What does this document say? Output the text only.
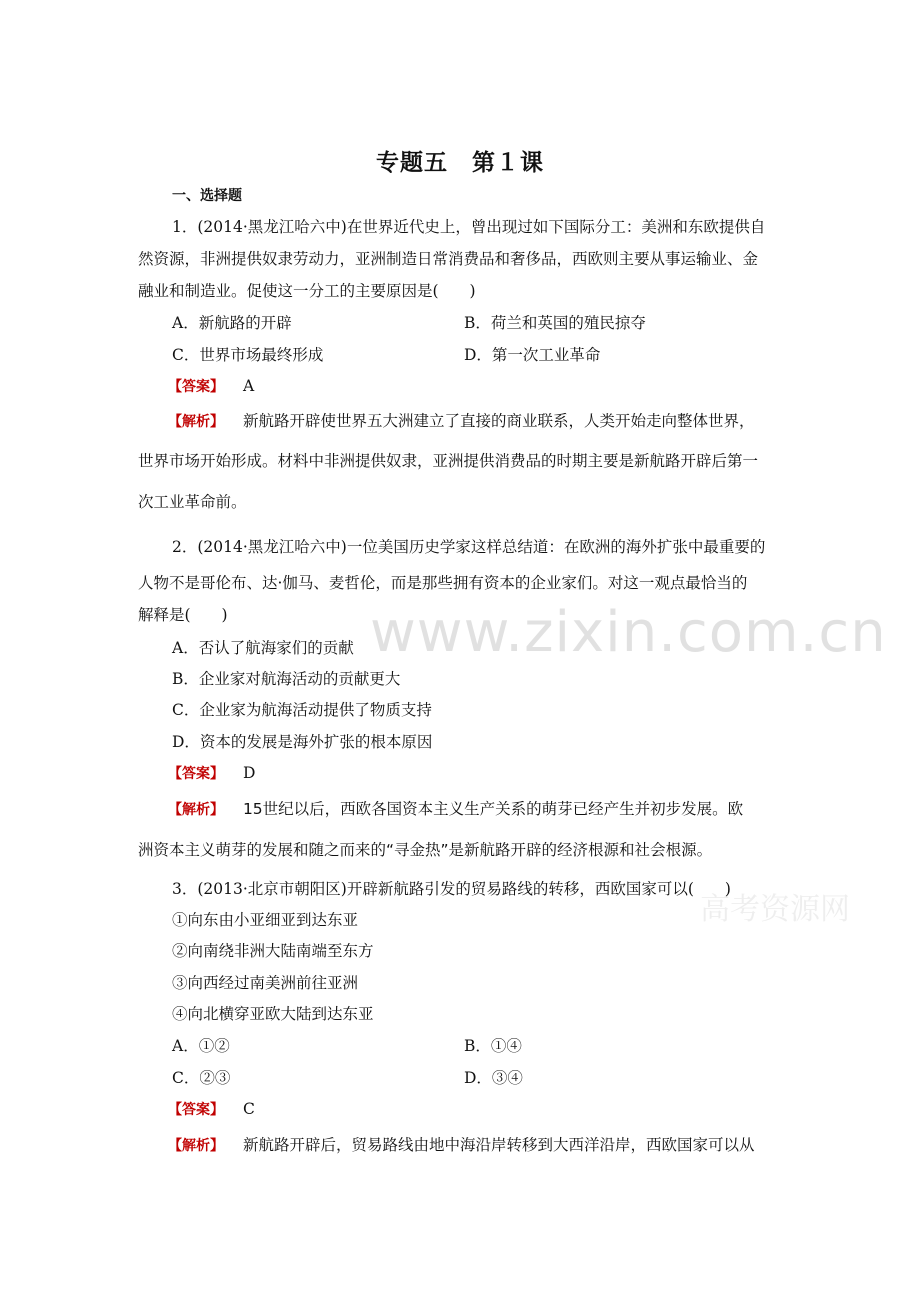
www.zixin.com.cn
高考资源网
专题五　第１课
一、选择题
1．(2014·黑龙江哈六中)在世界近代史上，曾出现过如下国际分工：美洲和东欧提供自
然资源，非洲提供奴隶劳动力，亚洲制造日常消费品和奢侈品，西欧则主要从事运输业、金
融业和制造业。促使这一分工的主要原因是(　　)
A．新航路的开辟	B．荷兰和英国的殖民掠夺
C．世界市场最终形成	D．第一次工业革命
【答案】 A
【解析】 新航路开辟使世界五大洲建立了直接的商业联系，人类开始走向整体世界，
世界市场开始形成。材料中非洲提供奴隶，亚洲提供消费品的时期主要是新航路开辟后第一
次工业革命前。
2．(2014·黑龙江哈六中)一位美国历史学家这样总结道：在欧洲的海外扩张中最重要的
人物不是哥伦布、达·伽马、麦哲伦，而是那些拥有资本的企业家们。对这一观点最恰当的
解释是(　　)
A．否认了航海家们的贡献
B．企业家对航海活动的贡献更大
C．企业家为航海活动提供了物质支持
D．资本的发展是海外扩张的根本原因
【答案】 D
【解析】 15世纪以后，西欧各国资本主义生产关系的萌芽已经产生并初步发展。欧
洲资本主义萌芽的发展和随之而来的“寻金热”是新航路开辟的经济根源和社会根源。
3．(2013·北京市朝阳区)开辟新航路引发的贸易路线的转移，西欧国家可以(　　)
①向东由小亚细亚到达东亚
②向南绕非洲大陆南端至东方
③向西经过南美洲前往亚洲
④向北横穿亚欧大陆到达东亚
A．①②	B．①④
C．②③	D．③④
【答案】 C
【解析】 新航路开辟后，贸易路线由地中海沿岸转移到大西洋沿岸，西欧国家可以从
